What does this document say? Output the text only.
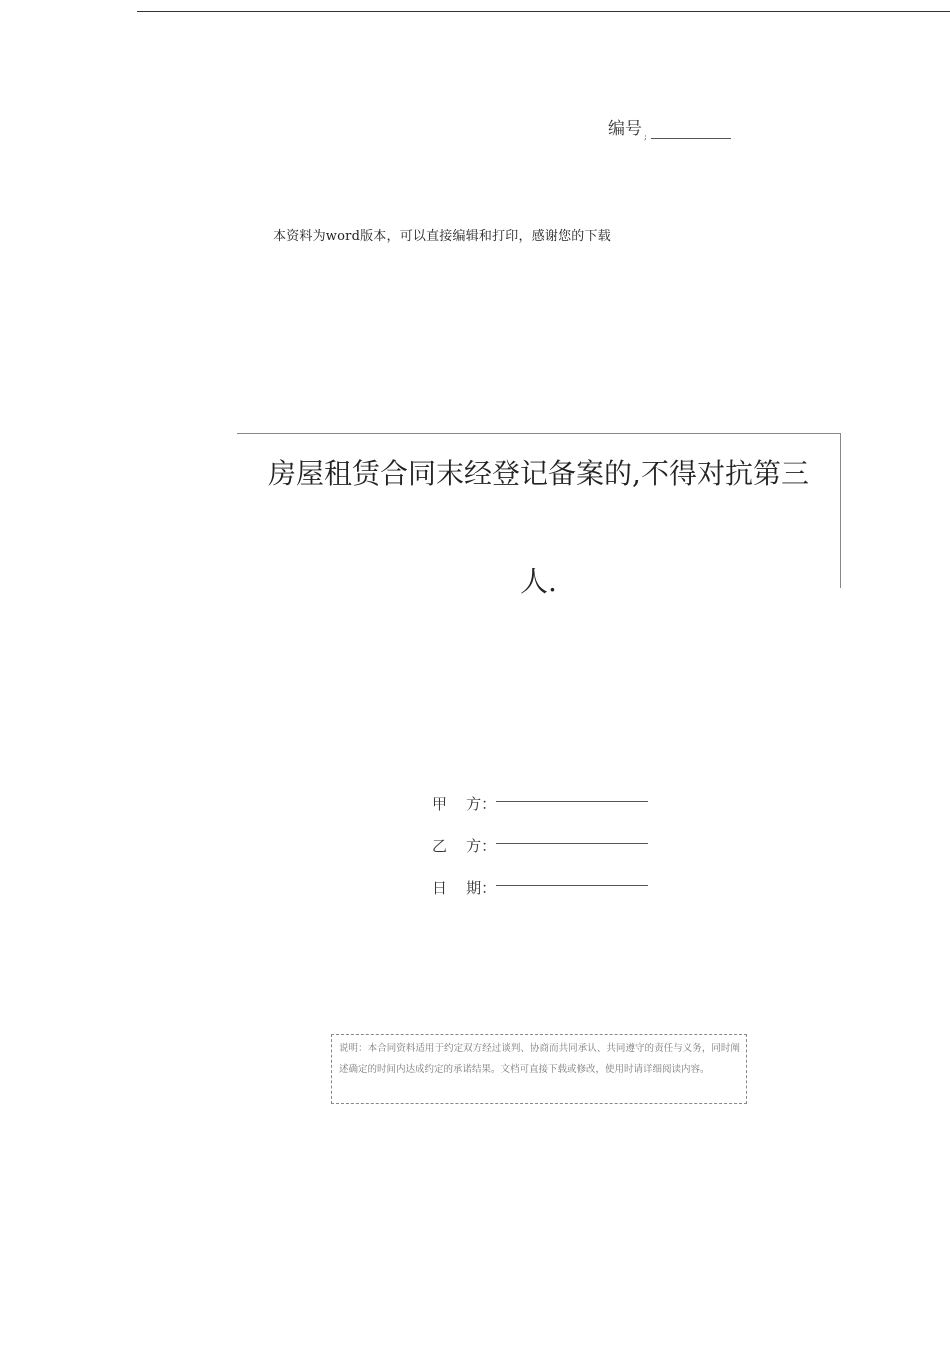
编号 ;
本资料为word版本，可以直接编辑和打印，感谢您的下载
房屋租赁合同末经登记备案的,不得对抗第三
人.
甲    方：
乙    方：
日    期：
说明：本合同资料适用于约定双方经过谈判、协商而共同承认、共同遵守的责任与义务，同时阐述确定的时间内达成约定的承诺结果。文档可直接下载或修改，使用时请详细阅读内容。
